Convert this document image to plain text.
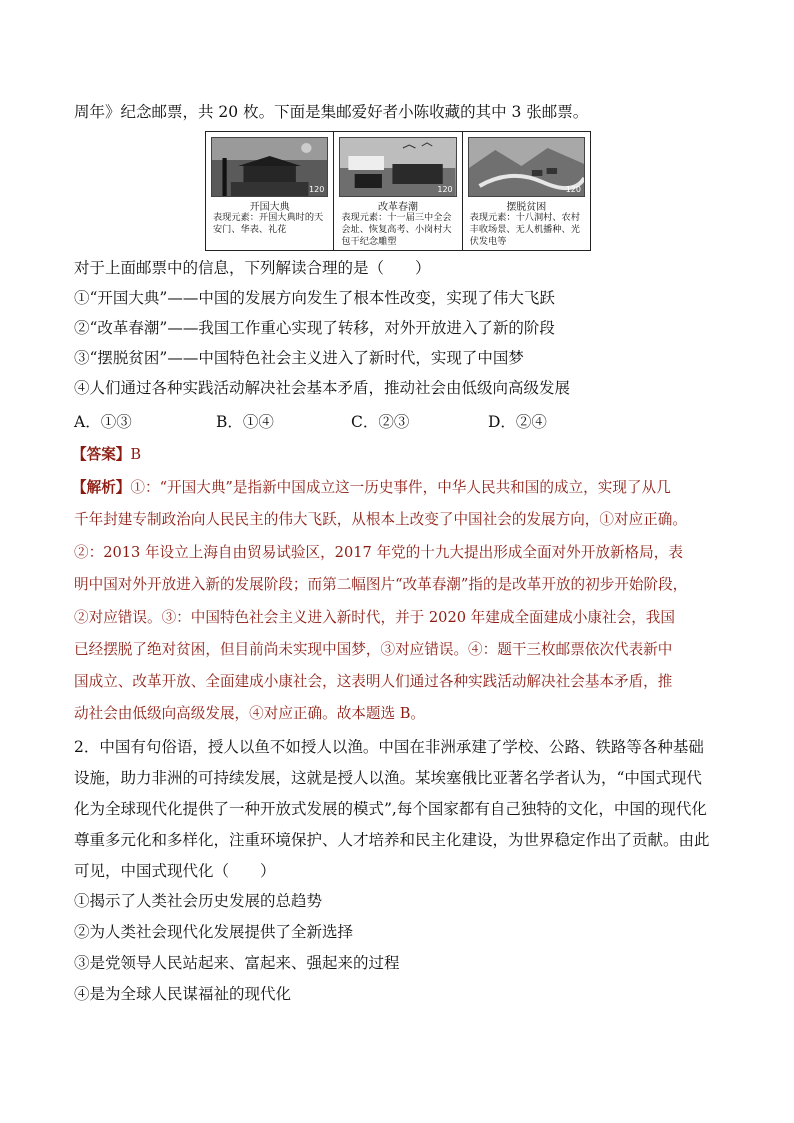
周年》纪念邮票，共 20 枚。下面是集邮爱好者小陈收藏的其中 3 张邮票。
120
开国大典
表现元素：开国大典时的天安门、华表、礼花
120
改革春潮
表现元素：十一届三中全会会址、恢复高考、小岗村大包干纪念雕塑
120
摆脱贫困
表现元素：十八洞村、农村丰收场景、无人机播种、光伏发电等
对于上面邮票中的信息，下列解读合理的是（　　）
①“开国大典”——中国的发展方向发生了根本性改变，实现了伟大飞跃
②“改革春潮”——我国工作重心实现了转移，对外开放进入了新的阶段
③“摆脱贫困”——中国特色社会主义进入了新时代，实现了中国梦
④人们通过各种实践活动解决社会基本矛盾，推动社会由低级向高级发展
A．①③	B．①④	C．②③	D．②④
【答案】B
【解析】①：“开国大典”是指新中国成立这一历史事件，中华人民共和国的成立，实现了从几
千年封建专制政治向人民民主的伟大飞跃，从根本上改变了中国社会的发展方向，①对应正确。
②：2013 年设立上海自由贸易试验区，2017 年党的十九大提出形成全面对外开放新格局，表
明中国对外开放进入新的发展阶段；而第二幅图片“改革春潮”指的是改革开放的初步开始阶段，
②对应错误。③：中国特色社会主义进入新时代，并于 2020 年建成全面建成小康社会，我国
已经摆脱了绝对贫困，但目前尚未实现中国梦，③对应错误。④：题干三枚邮票依次代表新中
国成立、改革开放、全面建成小康社会，这表明人们通过各种实践活动解决社会基本矛盾，推
动社会由低级向高级发展，④对应正确。故本题选 B。
2．中国有句俗语，授人以鱼不如授人以渔。中国在非洲承建了学校、公路、铁路等各种基础
设施，助力非洲的可持续发展，这就是授人以渔。某埃塞俄比亚著名学者认为，“中国式现代
化为全球现代化提供了一种开放式发展的模式”,每个国家都有自己独特的文化，中国的现代化
尊重多元化和多样化，注重环境保护、人才培养和民主化建设，为世界稳定作出了贡献。由此
可见，中国式现代化（　　）
①揭示了人类社会历史发展的总趋势
②为人类社会现代化发展提供了全新选择
③是党领导人民站起来、富起来、强起来的过程
④是为全球人民谋福祉的现代化
